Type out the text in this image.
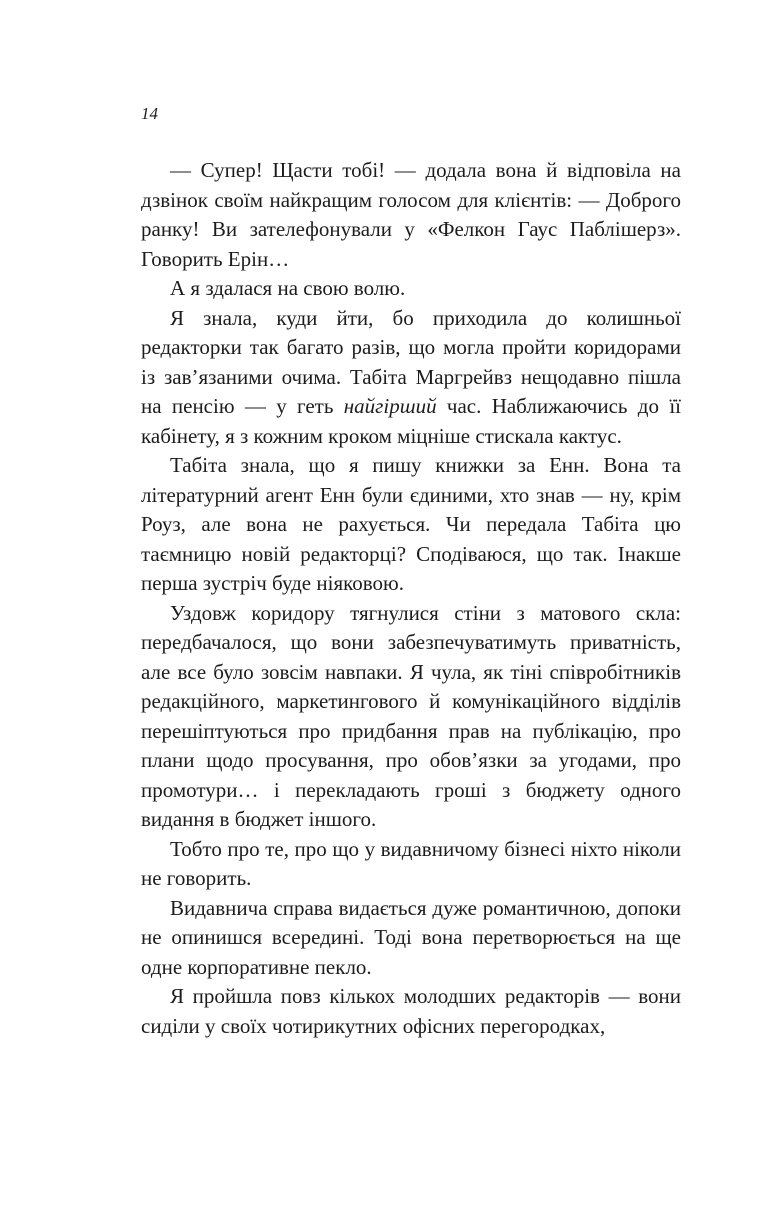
14

— Супер! Щасти тобі! — додала вона й відповіла на дзвінок своїм найкращим голосом для клієнтів: — Доброго ранку! Ви зателефонували у «Фелкон Гаус Паблішерз». Говорить Ерін…

А я здалася на свою волю.

Я знала, куди йти, бо приходила до колишньої редакторки так багато разів, що могла пройти коридорами із зав’язаними очима. Табіта Маргрейвз нещодавно пішла на пенсію — у геть найгірший час. Наближаючись до її кабінету, я з кожним кроком міцніше стискала кактус.

Табіта знала, що я пишу книжки за Енн. Вона та літературний агент Енн були єдиними, хто знав — ну, крім Роуз, але вона не рахується. Чи передала Табіта цю таємницю новій редакторці? Сподіваюся, що так. Інакше перша зустріч буде ніяковою.

Уздовж коридору тягнулися стіни з матового скла: передбачалося, що вони забезпечуватимуть приватність, але все було зовсім навпаки. Я чула, як тіні співробітників редакційного, маркетингового й комунікаційного відділів перешіптуються про придбання прав на публікацію, про плани щодо просування, про обов’язки за угодами, про промотури… і перекладають гроші з бюджету одного видання в бюджет іншого.

Тобто про те, про що у видавничому бізнесі ніхто ніколи не говорить.

Видавнича справа видається дуже романтичною, допоки не опинишся всередині. Тоді вона перетворюється на ще одне корпоративне пекло.

Я пройшла повз кількох молодших редакторів — вони сиділи у своїх чотирикутних офісних перегородках,
